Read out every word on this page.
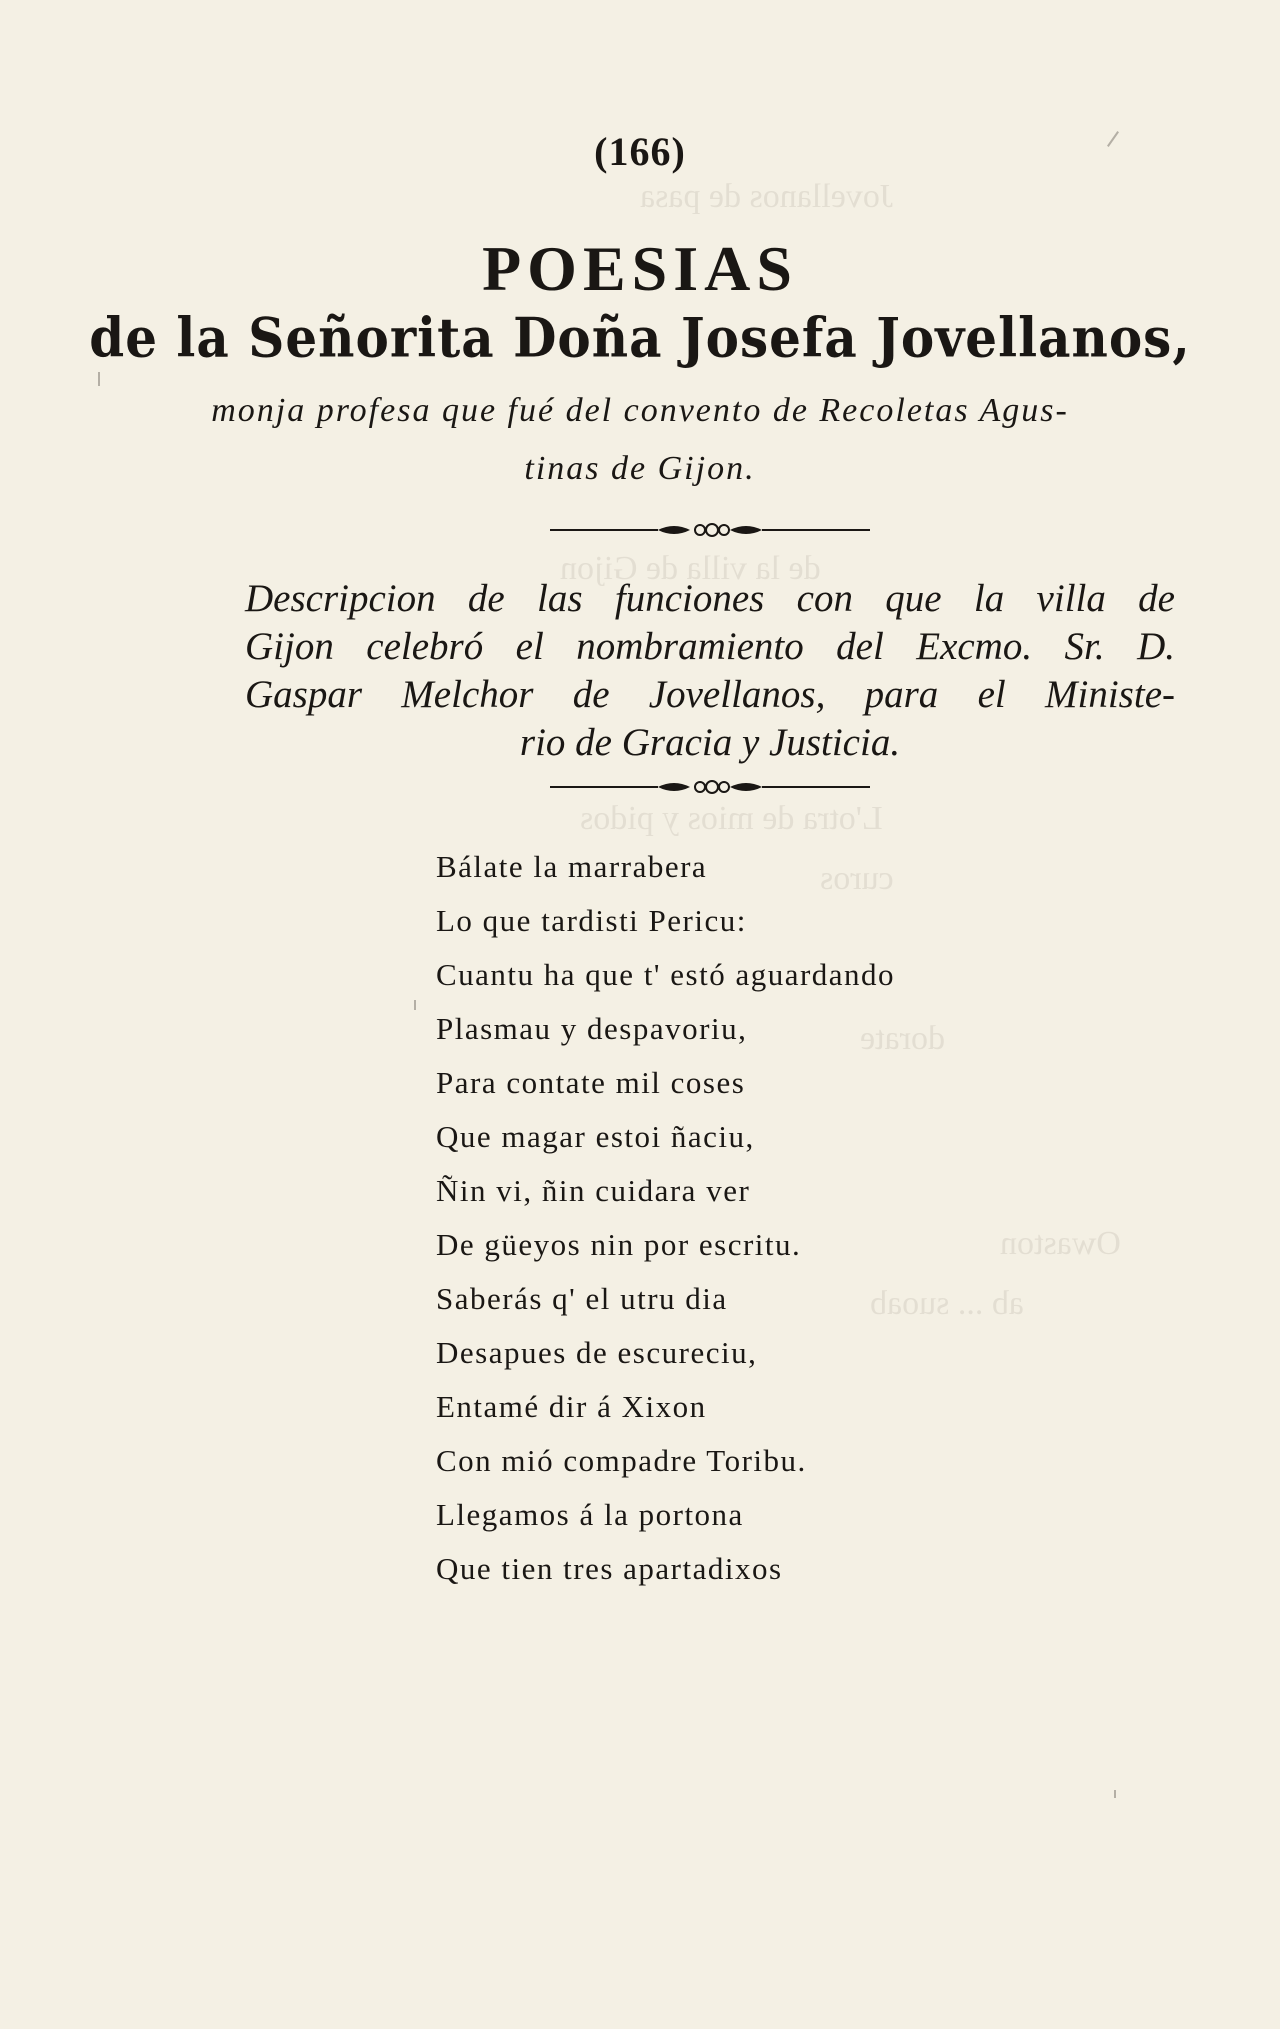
Jovellanos de pasa
de la villa de Gijon
L'otra de mios y pidos
curos
dorate
Owaston
ab ... suoab
(166)
POESIAS
de la Señorita Doña Josefa Jovellanos,
monja profesa que fué del convento de Recoletas Agus-
tinas de Gijon.
Descripcion de las funciones con que la villa de
Gijon celebró el nombramiento del Excmo. Sr. D.
Gaspar Melchor de Jovellanos, para el Ministe-
rio de Gracia y Justicia.
Bálate la marrabera
Lo que tardisti Pericu:
Cuantu ha que t' estó aguardando
Plasmau y despavoriu,
Para contate mil coses
Que magar estoi ñaciu,
Ñin vi, ñin cuidara ver
De güeyos nin por escritu.
Saberás q' el utru dia
Desapues de escureciu,
Entamé dir á Xixon
Con mió compadre Toribu.
Llegamos á la portona
Que tien tres apartadixos
